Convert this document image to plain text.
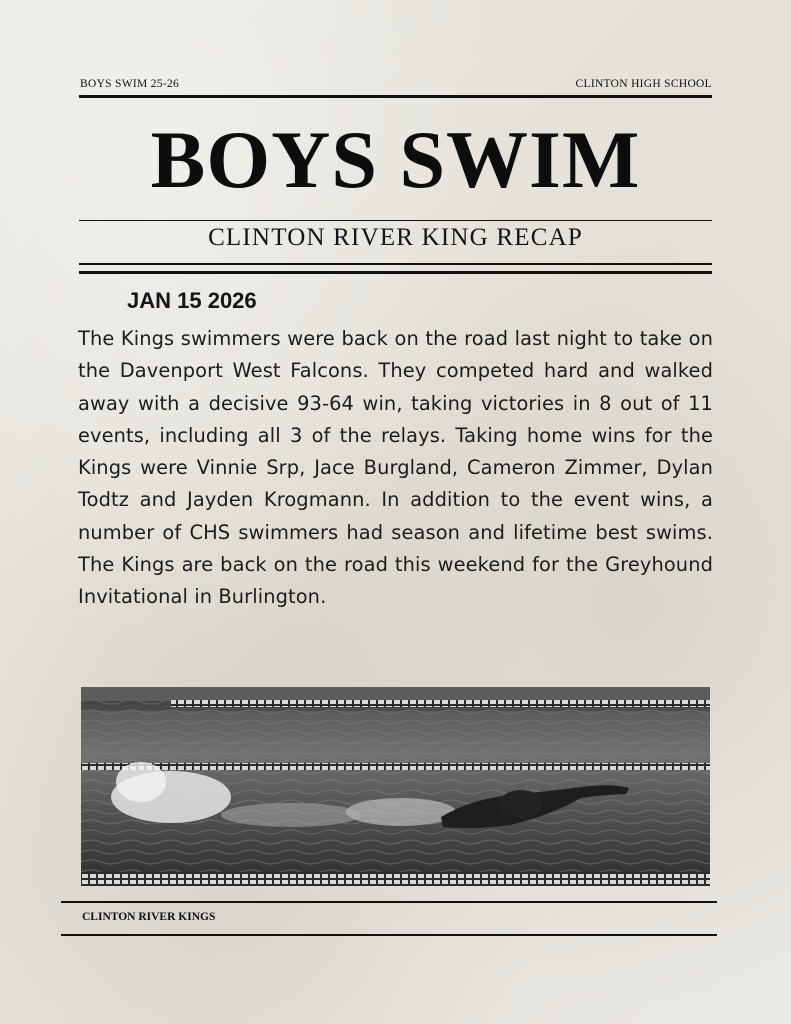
BOYS SWIM 25-26	CLINTON HIGH SCHOOL
BOYS SWIM
CLINTON RIVER KING RECAP
JAN 15 2026
The Kings swimmers were back on the road last night to take on the Davenport West Falcons. They competed hard and walked away with a decisive 93-64 win, taking victories in 8 out of 11 events, including all 3 of the relays. Taking home wins for the Kings were Vinnie Srp, Jace Burgland, Cameron Zimmer, Dylan Todtz and Jayden Krogmann. In addition to the event wins, a number of CHS swimmers had season and lifetime best swims. The Kings are back on the road this weekend for the Greyhound Invitational in Burlington.
CLINTON RIVER KINGS
